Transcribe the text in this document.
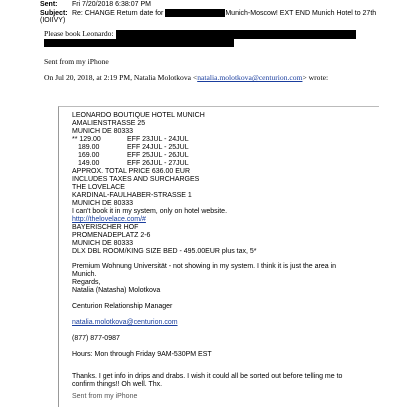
Sent: Fri 7/20/2018 6:38:07 PM
Subject: Re: CHANGE Return date for	Munich-Moscow! EXT END Munich Hotel to 27th
(IOIIVY)
Please book Leonardo:
Sent from my iPhone
On Jul 20, 2018, at 2:19 PM, Natalia Molotkova <natalia.molotkova@centurion.com> wrote:
LEONARDO BOUTIQUE HOTEL MUNICH
AMALIENSTRASSE 25
MUNICH DE 80333
** 129.00	EFF 23JUL - 24JUL
189.00	EFF 24JUL - 25JUL
169.00	EFF 25JUL - 26JUL
149.00	EFF 26JUL - 27JUL
APPROX. TOTAL PRICE 636.00 EUR
INCLUDES TAXES AND SURCHARGES
THE LOVELACE
KARDINAL-FAULHABER-STRASSE 1
MUNICH DE 80333
I can't book it in my system, only on hotel website.
http://thelovelace.com/#
BAYERISCHER HOF
PROMENADEPLATZ 2-6
MUNICH DE 80333
DLX DBL ROOM/KING SIZE BED - 495.00EUR plus tax, 5*
Premium Wohnung Universität - not showing in my system. I think it is just the area in Munich.
Regards,
Natalia (Natasha) Molotkova
Centurion Relationship Manager
natalia.molotkova@centurion.com
(877) 877-0987
Hours: Mon through Friday 9AM-530PM EST
Thanks. I get info in drips and drabs. I wish it could all be sorted out before telling me to confirm things!! Oh well. Thx.
Sent from my iPhone
